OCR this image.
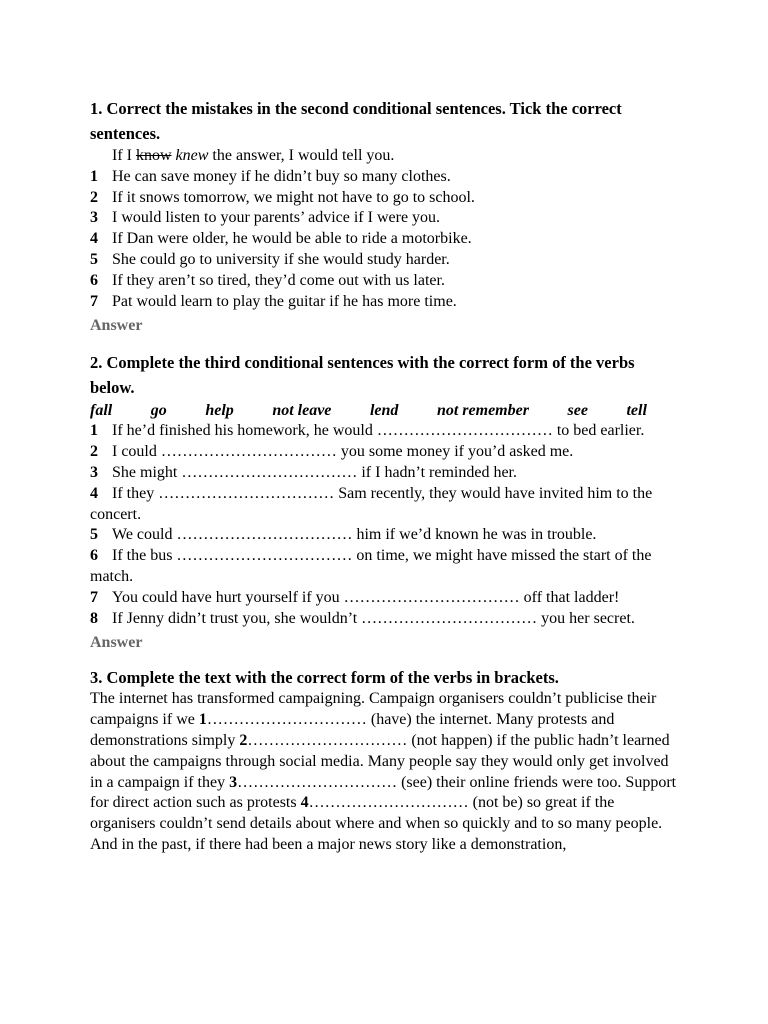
1. Correct the mistakes in the second conditional sentences. Tick the correct sentences.

If I know knew the answer, I would tell you.
1 He can save money if he didn’t buy so many clothes.
2 If it snows tomorrow, we might not have to go to school.
3 I would listen to your parents’ advice if I were you.
4 If Dan were older, he would be able to ride a motorbike.
5 She could go to university if she would study harder.
6 If they aren’t so tired, they’d come out with us later.
7 Pat would learn to play the guitar if he has more time.
Answer

2. Complete the third conditional sentences with the correct form of the verbs below.

fall go help not leave lend not remember see tell
1 If he’d finished his homework, he would …………………………… to bed earlier.
2 I could …………………………… you some money if you’d asked me.
3 She might …………………………… if I hadn’t reminded her.
4 If they …………………………… Sam recently, they would have invited him to the concert.
5 We could …………………………… him if we’d known he was in trouble.
6 If the bus …………………………… on time, we might have missed the start of the match.
7 You could have hurt yourself if you …………………………… off that ladder!
8 If Jenny didn’t trust you, she wouldn’t …………………………… you her secret.
Answer

3. Complete the text with the correct form of the verbs in brackets.

The internet has transformed campaigning. Campaign organisers couldn’t publicise their campaigns if we 1………………………… (have) the internet. Many protests and demonstrations simply 2………………………… (not happen) if the public hadn’t learned about the campaigns through social media. Many people say they would only get involved in a campaign if they 3………………………… (see) their online friends were too. Support for direct action such as protests 4………………………… (not be) so great if the organisers couldn’t send details about where and when so quickly and to so many people. And in the past, if there had been a major news story like a demonstration,
